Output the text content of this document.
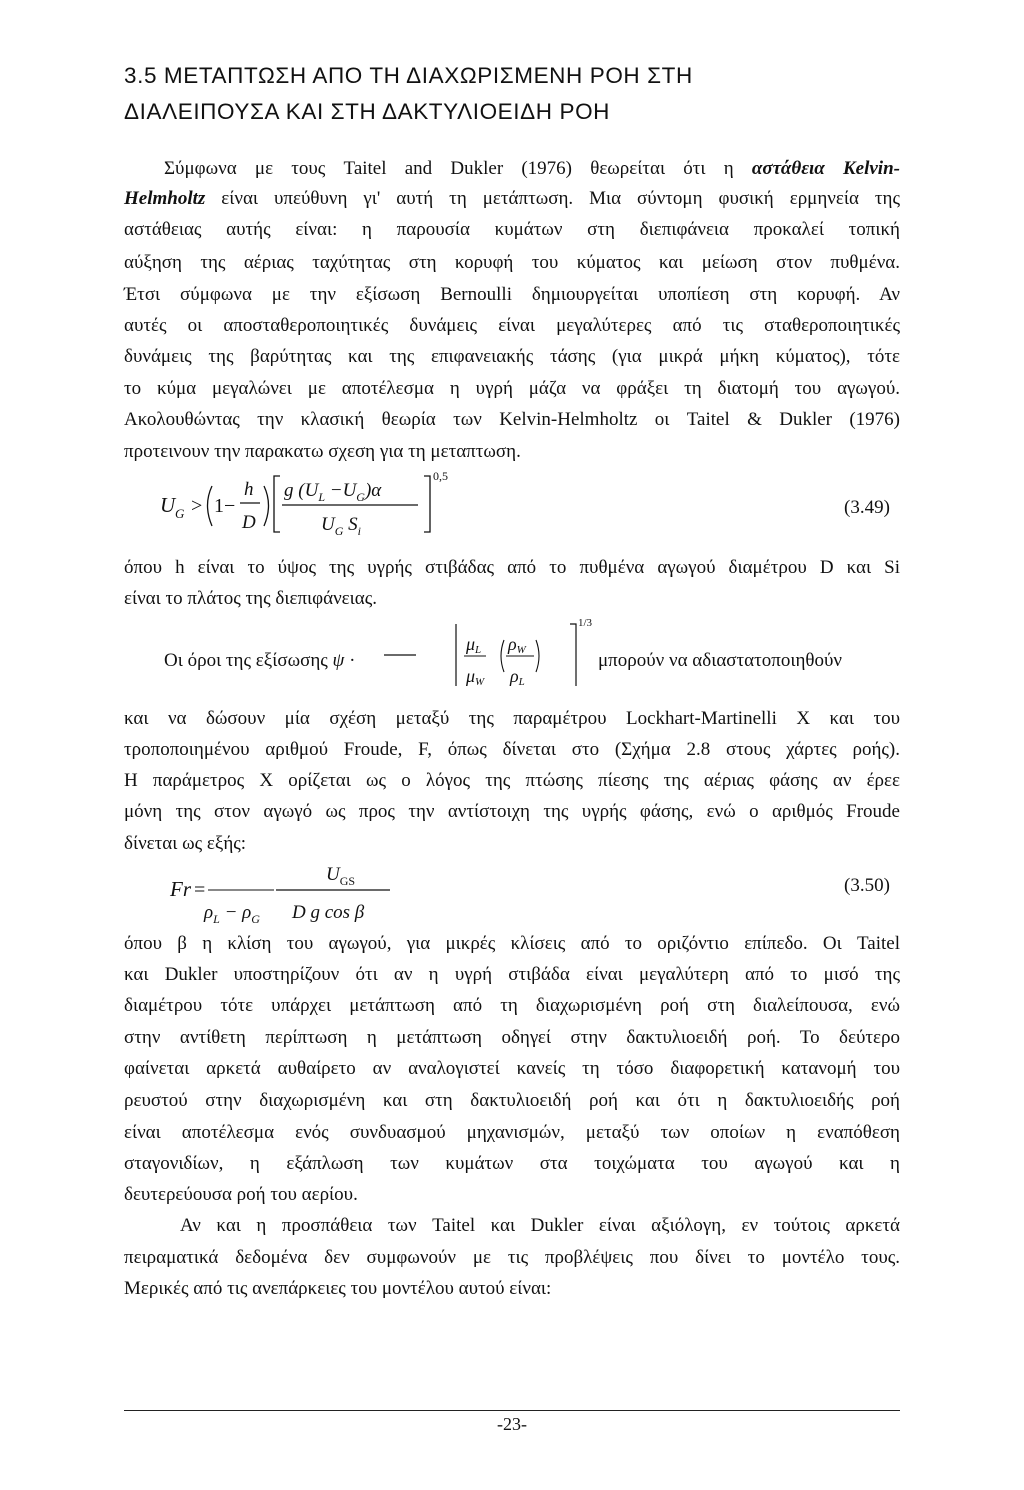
3.5 ΜΕΤΑΠΤΩΣΗ ΑΠΟ ΤΗ ΔΙΑΧΩΡΙΣΜΕΝΗ ΡΟΗ ΣΤΗ
ΔΙΑΛΕΙΠΟΥΣΑ ΚΑΙ ΣΤΗ ΔΑΚΤΥΛΙΟΕΙΔΗ ΡΟΗ
Σύμφωνα με τους Taitel and Dukler (1976) θεωρείται ότι η αστάθεια Kelvin-
Helmholtz είναι υπεύθυνη γι' αυτή τη μετάπτωση. Μια σύντομη φυσική ερμηνεία της
αστάθειας αυτής είναι: η παρουσία κυμάτων στη διεπιφάνεια προκαλεί τοπική
αύξηση της αέριας ταχύτητας στη κορυφή του κύματος και μείωση στον πυθμένα.
Έτσι σύμφωνα με την εξίσωση Bernoulli δημιουργείται υποπίεση στη κορυφή. Αν
αυτές οι αποσταθεροποιητικές δυνάμεις είναι μεγαλύτερες από τις σταθεροποιητικές
δυνάμεις της βαρύτητας και της επιφανειακής τάσης (για μικρά μήκη κύματος), τότε
το κύμα μεγαλώνει με αποτέλεσμα η υγρή μάζα να φράξει τη διατομή του αγωγού.
Ακολουθώντας την κλασική θεωρία των Kelvin-Helmholtz οι Taitel & Dukler (1976)
προτεινουν την παρακατω σχεση για τη μεταπτωση.
U G > 1−
h
D
g $(U_L -U_G)\alpha$
$U_G$ $S_i$
0,5
(3.49)
όπου h είναι το ύψος της υγρής στιβάδας από το πυθμένα αγωγού διαμέτρου D και Si
είναι το πλάτος της διεπιφάνειας.
Οι όροι της εξίσωσης ψ ·
μL
μW
ρW
ρL
1/3
μπορούν να αδιαστατοποιηθούν
και να δώσουν μία σχέση μεταξύ της παραμέτρου Lockhart-Martinelli X και του
τροποποιημένου αριθμού Froude, F, όπως δίνεται στο (Σχήμα 2.8 στους χάρτες ροής).
Η παράμετρος X ορίζεται ως ο λόγος της πτώσης πίεσης της αέριας φάσης αν έρεε
μόνη της στον αγωγό ως προς την αντίστοιχη της υγρής φάσης, ενώ ο αριθμός Froude
δίνεται ως εξής:
Fr =
$U_{GS}$
$\rho_L - \rho_G$ D g cos β
(3.50)
όπου β η κλίση του αγωγού, για μικρές κλίσεις από το οριζόντιο επίπεδο. Οι Taitel
και Dukler υποστηρίζουν ότι αν η υγρή στιβάδα είναι μεγαλύτερη από το μισό της
διαμέτρου τότε υπάρχει μετάπτωση από τη διαχωρισμένη ροή στη διαλείπουσα, ενώ
στην αντίθετη περίπτωση η μετάπτωση οδηγεί στην δακτυλιοειδή ροή. Το δεύτερο
φαίνεται αρκετά αυθαίρετο αν αναλογιστεί κανείς τη τόσο διαφορετική κατανομή του
ρευστού στην διαχωρισμένη και στη δακτυλιοειδή ροή και ότι η δακτυλιοειδής ροή
είναι αποτέλεσμα ενός συνδυασμού μηχανισμών, μεταξύ των οποίων η εναπόθεση
σταγονιδίων, η εξάπλωση των κυμάτων στα τοιχώματα του αγωγού και η
δευτερεύουσα ροή του αερίου.
Αν και η προσπάθεια των Taitel και Dukler είναι αξιόλογη, εν τούτοις αρκετά
πειραματικά δεδομένα δεν συμφωνούν με τις προβλέψεις που δίνει το μοντέλο τους.
Μερικές από τις ανεπάρκειες του μοντέλου αυτού είναι:
-23-
